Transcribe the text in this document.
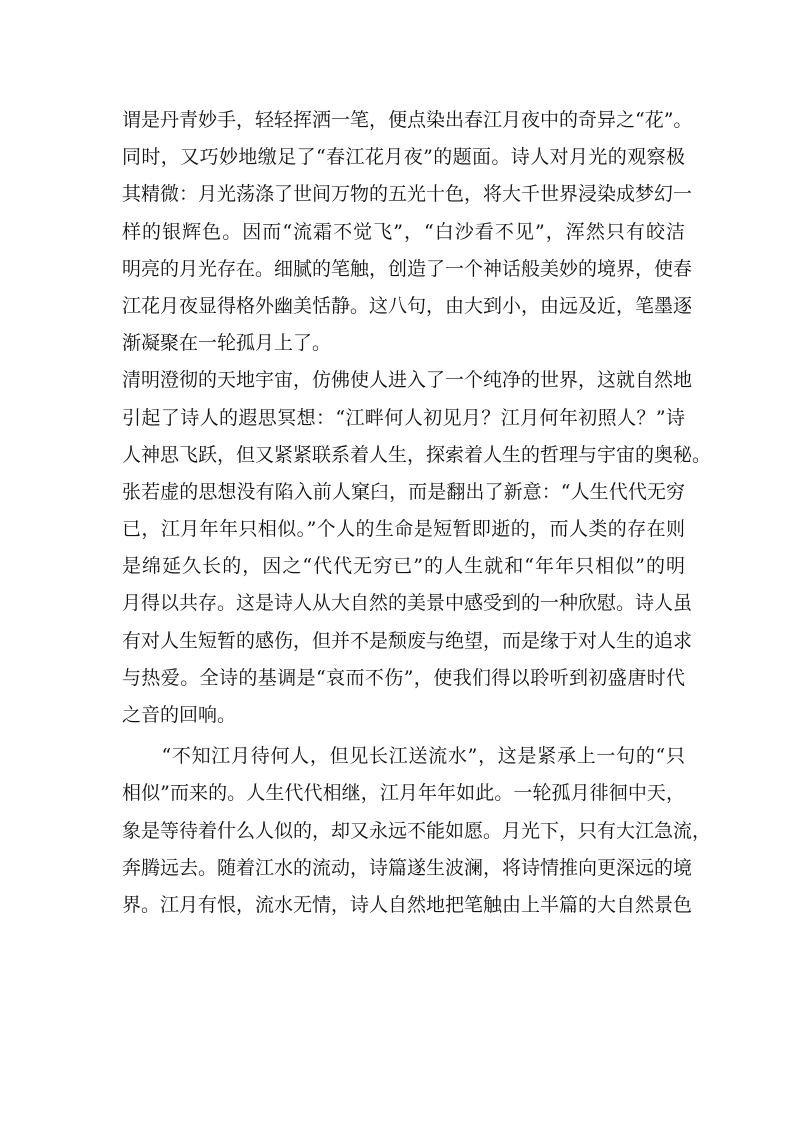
谓是丹青妙手，轻轻挥洒一笔，便点染出春江月夜中的奇异之“花”。
同时，又巧妙地缴足了“春江花月夜”的题面。诗人对月光的观察极
其精微：月光荡涤了世间万物的五光十色，将大千世界浸染成梦幻一
样的银辉色。因而“流霜不觉飞”，“白沙看不见”，浑然只有皎洁
明亮的月光存在。细腻的笔触，创造了一个神话般美妙的境界，使春
江花月夜显得格外幽美恬静。这八句，由大到小，由远及近，笔墨逐
渐凝聚在一轮孤月上了。
清明澄彻的天地宇宙，仿佛使人进入了一个纯净的世界，这就自然地
引起了诗人的遐思冥想：“江畔何人初见月？江月何年初照人？”诗
人神思飞跃，但又紧紧联系着人生，探索着人生的哲理与宇宙的奥秘。
张若虚的思想没有陷入前人窠臼，而是翻出了新意：“人生代代无穷
已，江月年年只相似。”个人的生命是短暂即逝的，而人类的存在则
是绵延久长的，因之“代代无穷已”的人生就和“年年只相似”的明
月得以共存。这是诗人从大自然的美景中感受到的一种欣慰。诗人虽
有对人生短暂的感伤，但并不是颓废与绝望，而是缘于对人生的追求
与热爱。全诗的基调是“哀而不伤”，使我们得以聆听到初盛唐时代
之音的回响。
　　“不知江月待何人，但见长江送流水”，这是紧承上一句的“只
相似”而来的。人生代代相继，江月年年如此。一轮孤月徘徊中天，
象是等待着什么人似的，却又永远不能如愿。月光下，只有大江急流，
奔腾远去。随着江水的流动，诗篇遂生波澜，将诗情推向更深远的境
界。江月有恨，流水无情，诗人自然地把笔触由上半篇的大自然景色
